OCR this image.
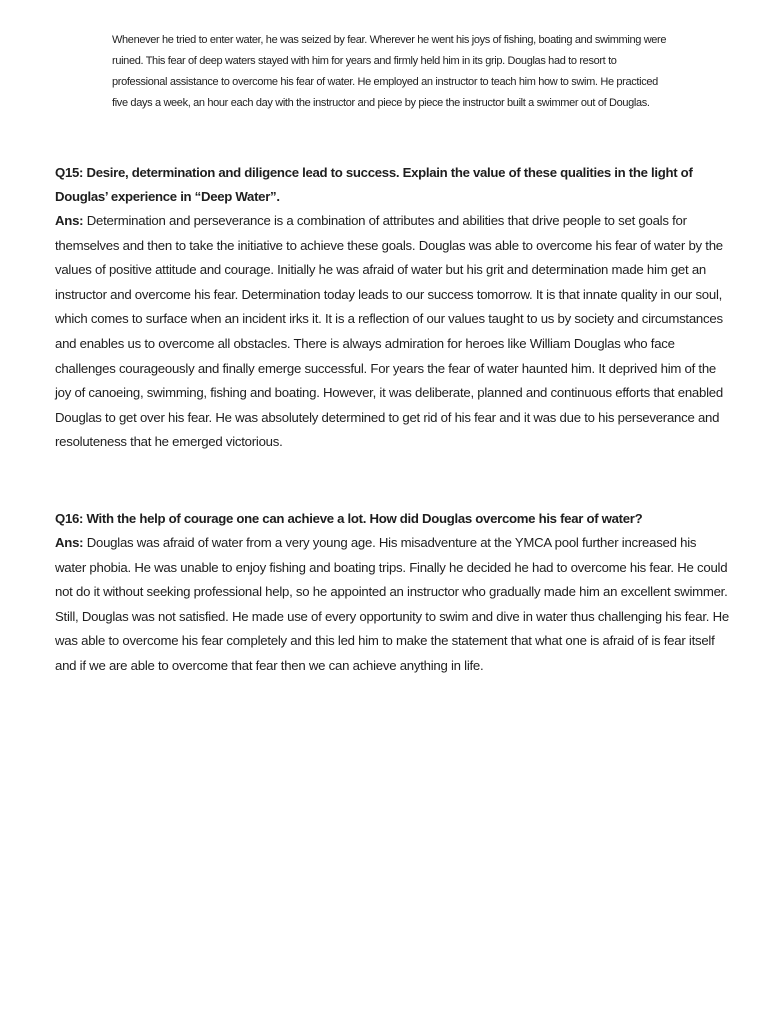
Whenever he tried to enter water, he was seized by fear. Wherever he went his joys of fishing, boating and swimming were ruined. This fear of deep waters stayed with him for years and firmly held him in its grip. Douglas had to resort to professional assistance to overcome his fear of water. He employed an instructor to teach him how to swim. He practiced five days a week, an hour each day with the instructor and piece by piece the instructor built a swimmer out of Douglas.

Q15: Desire, determination and diligence lead to success. Explain the value of these qualities in the light of Douglas’ experience in “Deep Water”.

Ans: Determination and perseverance is a combination of attributes and abilities that drive people to set goals for themselves and then to take the initiative to achieve these goals. Douglas was able to overcome his fear of water by the values of positive attitude and courage. Initially he was afraid of water but his grit and determination made him get an instructor and overcome his fear. Determination today leads to our success tomorrow. It is that innate quality in our soul, which comes to surface when an incident irks it. It is a reflection of our values taught to us by society and circumstances and enables us to overcome all obstacles. There is always admiration for heroes like William Douglas who face challenges courageously and finally emerge successful. For years the fear of water haunted him. It deprived him of the joy of canoeing, swimming, fishing and boating. However, it was deliberate, planned and continuous efforts that enabled Douglas to get over his fear. He was absolutely determined to get rid of his fear and it was due to his perseverance and resoluteness that he emerged victorious.

Q16: With the help of courage one can achieve a lot. How did Douglas overcome his fear of water?

Ans: Douglas was afraid of water from a very young age. His misadventure at the YMCA pool further increased his water phobia. He was unable to enjoy fishing and boating trips. Finally he decided he had to overcome his fear. He could not do it without seeking professional help, so he appointed an instructor who gradually made him an excellent swimmer. Still, Douglas was not satisfied. He made use of every opportunity to swim and dive in water thus challenging his fear. He was able to overcome his fear completely and this led him to make the statement that what one is afraid of is fear itself and if we are able to overcome that fear then we can achieve anything in life.
